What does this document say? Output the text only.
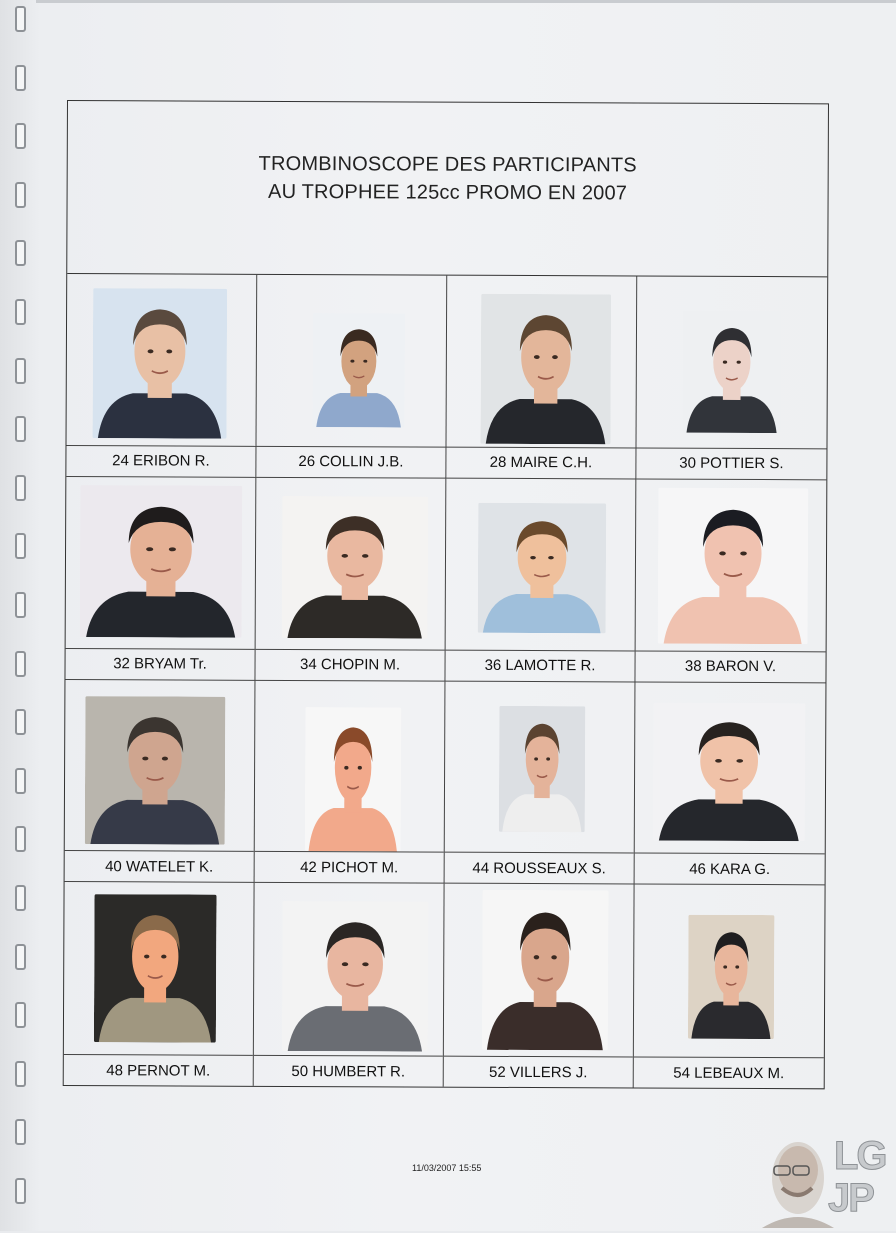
TROMBINOSCOPE DES PARTICIPANTS
AU TROPHEE 125cc PROMO EN 2007
24 ERIBON R.	26 COLLIN J.B.	28 MAIRE C.H.	30 POTTIER S.
32 BRYAM Tr.	34 CHOPIN M.	36 LAMOTTE R.	38 BARON V.
40 WATELET K.	42 PICHOT M.	44 ROUSSEAUX S.	46 KARA G.
48 PERNOT M.	50 HUMBERT R.	52 VILLERS J.	54 LEBEAUX M.
11/03/2007 15:55	LG
JP
